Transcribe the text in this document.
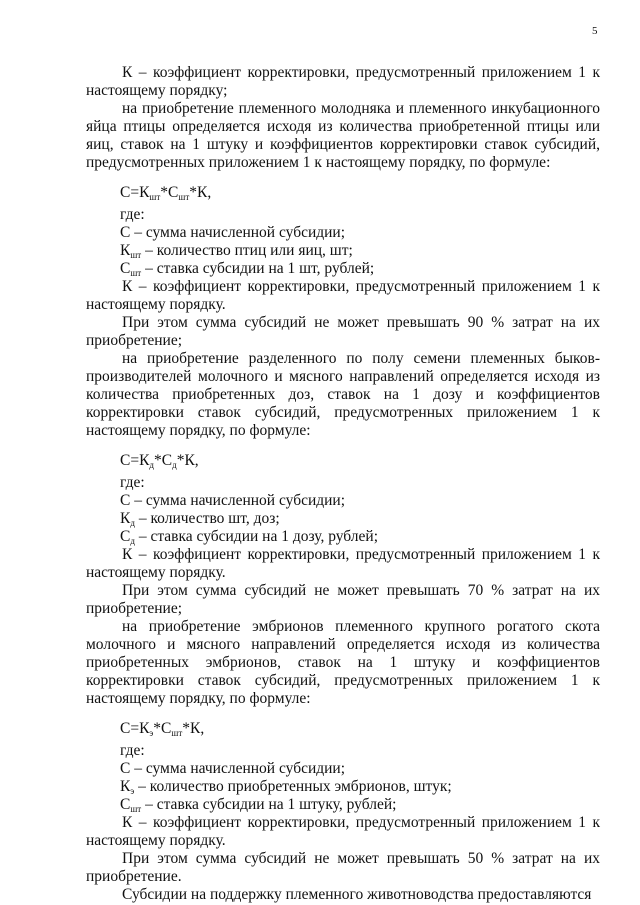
5

К – коэффициент корректировки, предусмотренный приложением 1 к настоящему порядку;

на приобретение племенного молодняка и племенного инкубационного яйца птицы определяется исходя из количества приобретенной птицы или яиц, ставок на 1 штуку и коэффициентов корректировки ставок субсидий, предусмотренных приложением 1 к настоящему порядку, по формуле:

$С=К_{шт}*С_{шт}*К$,

где:

С – сумма начисленной субсидии;

$К_{шт}$ – количество птиц или яиц, шт;

$С_{шт}$ – ставка субсидии на 1 шт, рублей;

К – коэффициент корректировки, предусмотренный приложением 1 к настоящему порядку.

При этом сумма субсидий не может превышать 90 % затрат на их приобретение;

на приобретение разделенного по полу семени племенных быков-производителей молочного и мясного направлений определяется исходя из количества приобретенных доз, ставок на 1 дозу и коэффициентов корректировки ставок субсидий, предусмотренных приложением 1 к настоящему порядку, по формуле:

$С=К_д*С_д*К$,

где:

С – сумма начисленной субсидии;

$К_д$ – количество шт, доз;

$С_д$ – ставка субсидии на 1 дозу, рублей;

К – коэффициент корректировки, предусмотренный приложением 1 к настоящему порядку.

При этом сумма субсидий не может превышать 70 % затрат на их приобретение;

на приобретение эмбрионов племенного крупного рогатого скота молочного и мясного направлений определяется исходя из количества приобретенных эмбрионов, ставок на 1 штуку и коэффициентов корректировки ставок субсидий, предусмотренных приложением 1 к настоящему порядку, по формуле:

$С=К_э*С_{шт}*К$,

где:

С – сумма начисленной субсидии;

$К_э$ – количество приобретенных эмбрионов, штук;

$С_{шт}$ – ставка субсидии на 1 штуку, рублей;

К – коэффициент корректировки, предусмотренный приложением 1 к настоящему порядку.

При этом сумма субсидий не может превышать 50 % затрат на их приобретение.

Субсидии на поддержку племенного животноводства предоставляются
